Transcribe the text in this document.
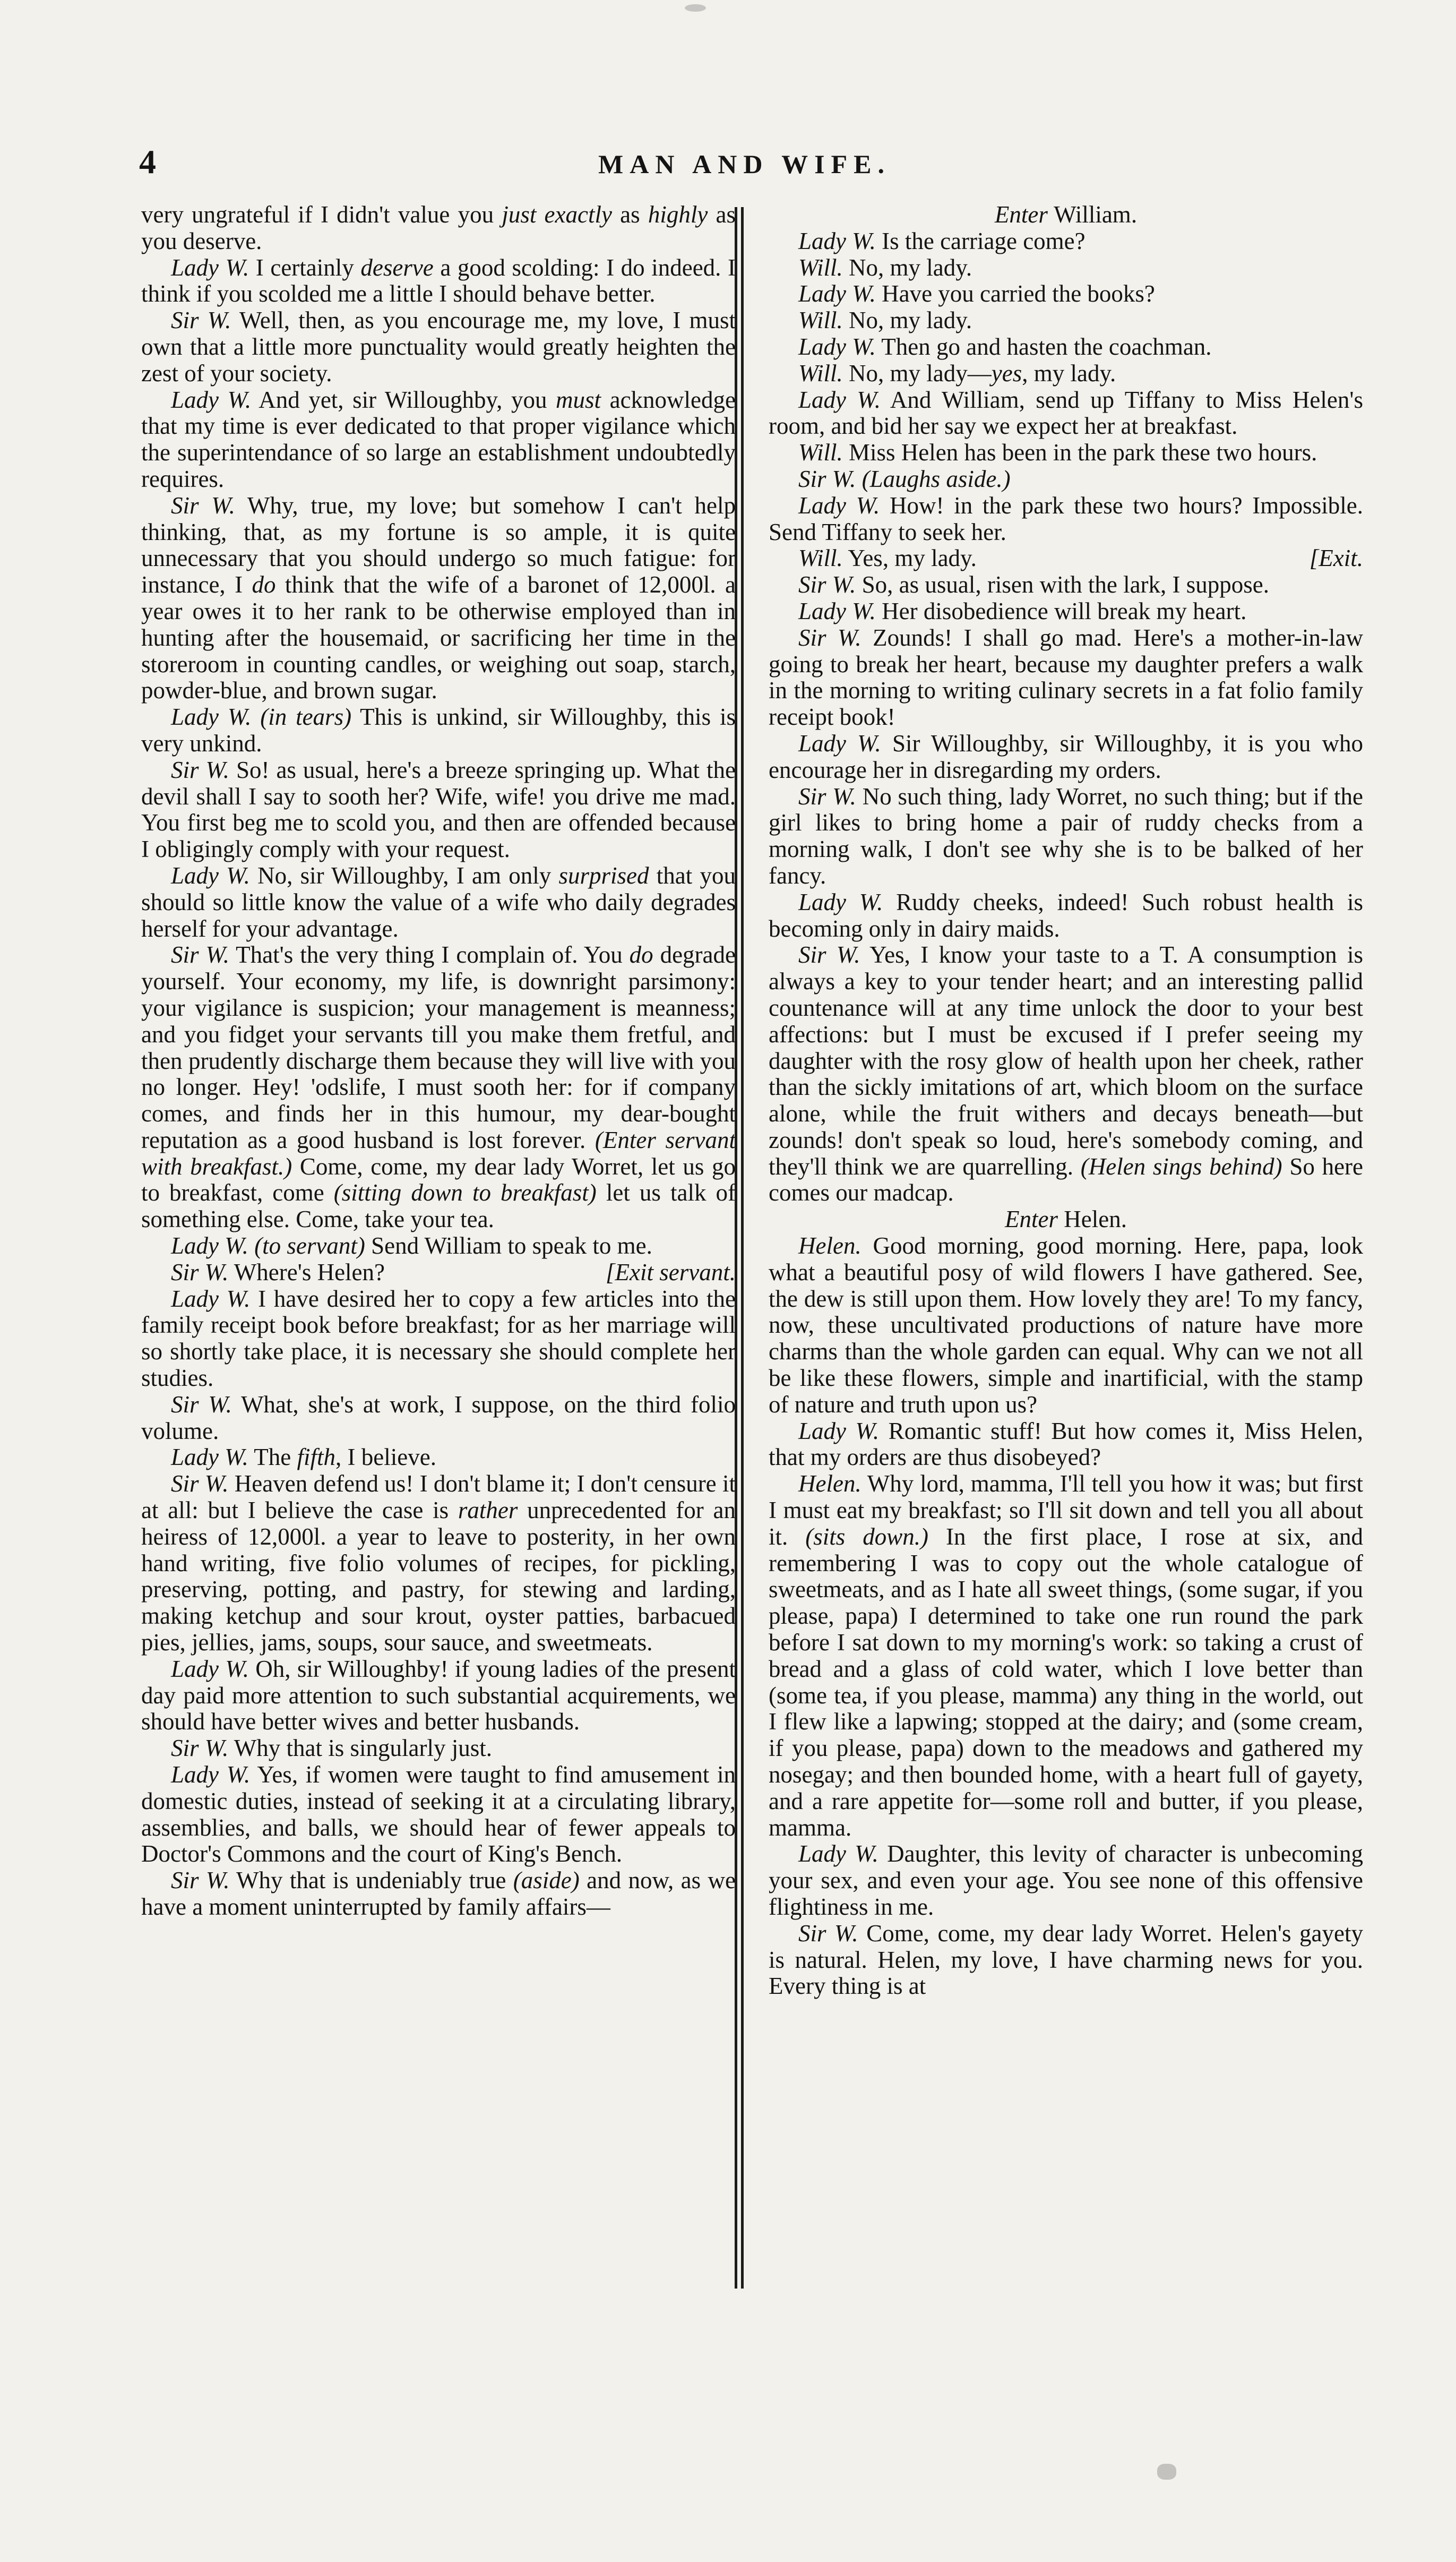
4	MAN AND WIFE.

very ungrateful if I didn't value you just exactly as highly as you deserve.

Lady W. I certainly deserve a good scolding: I do indeed. I think if you scolded me a little I should behave better.

Sir W. Well, then, as you encourage me, my love, I must own that a little more punctuality would greatly heighten the zest of your society.

Lady W. And yet, sir Willoughby, you must acknowledge that my time is ever dedicated to that proper vigilance which the superintendance of so large an establishment undoubtedly requires.

Sir W. Why, true, my love; but somehow I can't help thinking, that, as my fortune is so ample, it is quite unnecessary that you should undergo so much fatigue: for instance, I do think that the wife of a baronet of 12,000l. a year owes it to her rank to be otherwise employed than in hunting after the housemaid, or sacrificing her time in the storeroom in counting candles, or weighing out soap, starch, powder-blue, and brown sugar.

Lady W. (in tears) This is unkind, sir Willoughby, this is very unkind.

Sir W. So! as usual, here's a breeze springing up. What the devil shall I say to sooth her? Wife, wife! you drive me mad. You first beg me to scold you, and then are offended because I obligingly comply with your request.

Lady W. No, sir Willoughby, I am only surprised that you should so little know the value of a wife who daily degrades herself for your advantage.

Sir W. That's the very thing I complain of. You do degrade yourself. Your economy, my life, is downright parsimony: your vigilance is suspicion; your management is meanness; and you fidget your servants till you make them fretful, and then prudently discharge them because they will live with you no longer. Hey! 'odslife, I must sooth her: for if company comes, and finds her in this humour, my dear-bought reputation as a good husband is lost forever. (Enter servant with breakfast.) Come, come, my dear lady Worret, let us go to breakfast, come (sitting down to breakfast) let us talk of something else. Come, take your tea.

Lady W. (to servant) Send William to speak to me.
[Exit servant.

Sir W. Where's Helen?

Lady W. I have desired her to copy a few articles into the family receipt book before breakfast; for as her marriage will so shortly take place, it is necessary she should complete her studies.

Sir W. What, she's at work, I suppose, on the third folio volume.

Lady W. The fifth, I believe.

Sir W. Heaven defend us! I don't blame it; I don't censure it at all: but I believe the case is rather unprecedented for an heiress of 12,000l. a year to leave to posterity, in her own hand writing, five folio volumes of recipes, for pickling, preserving, potting, and pastry, for stewing and larding, making ketchup and sour krout, oyster patties, barbacued pies, jellies, jams, soups, sour sauce, and sweetmeats.

Lady W. Oh, sir Willoughby! if young ladies of the present day paid more attention to such substantial acquirements, we should have better wives and better husbands.

Sir W. Why that is singularly just.

Lady W. Yes, if women were taught to find amusement in domestic duties, instead of seeking it at a circulating library, assemblies, and balls, we should hear of fewer appeals to Doctor's Commons and the court of King's Bench.

Sir W. Why that is undeniably true (aside) and now, as we have a moment uninterrupted by family affairs—

Enter William.

Lady W. Is the carriage come?

Will. No, my lady.

Lady W. Have you carried the books?

Will. No, my lady.

Lady W. Then go and hasten the coachman.

Will. No, my lady—yes, my lady.

Lady W. And William, send up Tiffany to Miss Helen's room, and bid her say we expect her at breakfast.

Will. Miss Helen has been in the park these two hours.

Sir W. (Laughs aside.)

Lady W. How! in the park these two hours? Impossible. Send Tiffany to seek her.

Will. Yes, my lady.	[Exit.

Sir W. So, as usual, risen with the lark, I suppose.

Lady W. Her disobedience will break my heart.

Sir W. Zounds! I shall go mad. Here's a mother-in-law going to break her heart, because my daughter prefers a walk in the morning to writing culinary secrets in a fat folio family receipt book!

Lady W. Sir Willoughby, sir Willoughby, it is you who encourage her in disregarding my orders.

Sir W. No such thing, lady Worret, no such thing; but if the girl likes to bring home a pair of ruddy checks from a morning walk, I don't see why she is to be balked of her fancy.

Lady W. Ruddy cheeks, indeed! Such robust health is becoming only in dairy maids.

Sir W. Yes, I know your taste to a T. A consumption is always a key to your tender heart; and an interesting pallid countenance will at any time unlock the door to your best affections: but I must be excused if I prefer seeing my daughter with the rosy glow of health upon her cheek, rather than the sickly imitations of art, which bloom on the surface alone, while the fruit withers and decays beneath—but zounds! don't speak so loud, here's somebody coming, and they'll think we are quarrelling. (Helen sings behind) So here comes our madcap.

Enter Helen.

Helen. Good morning, good morning. Here, papa, look what a beautiful posy of wild flowers I have gathered. See, the dew is still upon them. How lovely they are! To my fancy, now, these uncultivated productions of nature have more charms than the whole garden can equal. Why can we not all be like these flowers, simple and inartificial, with the stamp of nature and truth upon us?

Lady W. Romantic stuff! But how comes it, Miss Helen, that my orders are thus disobeyed?

Helen. Why lord, mamma, I'll tell you how it was; but first I must eat my breakfast; so I'll sit down and tell you all about it. (sits down.) In the first place, I rose at six, and remembering I was to copy out the whole catalogue of sweetmeats, and as I hate all sweet things, (some sugar, if you please, papa) I determined to take one run round the park before I sat down to my morning's work: so taking a crust of bread and a glass of cold water, which I love better than (some tea, if you please, mamma) any thing in the world, out I flew like a lapwing; stopped at the dairy; and (some cream, if you please, papa) down to the meadows and gathered my nosegay; and then bounded home, with a heart full of gayety, and a rare appetite for—some roll and butter, if you please, mamma.

Lady W. Daughter, this levity of character is unbecoming your sex, and even your age. You see none of this offensive flightiness in me.

Sir W. Come, come, my dear lady Worret. Helen's gayety is natural. Helen, my love, I have charming news for you. Every thing is at
